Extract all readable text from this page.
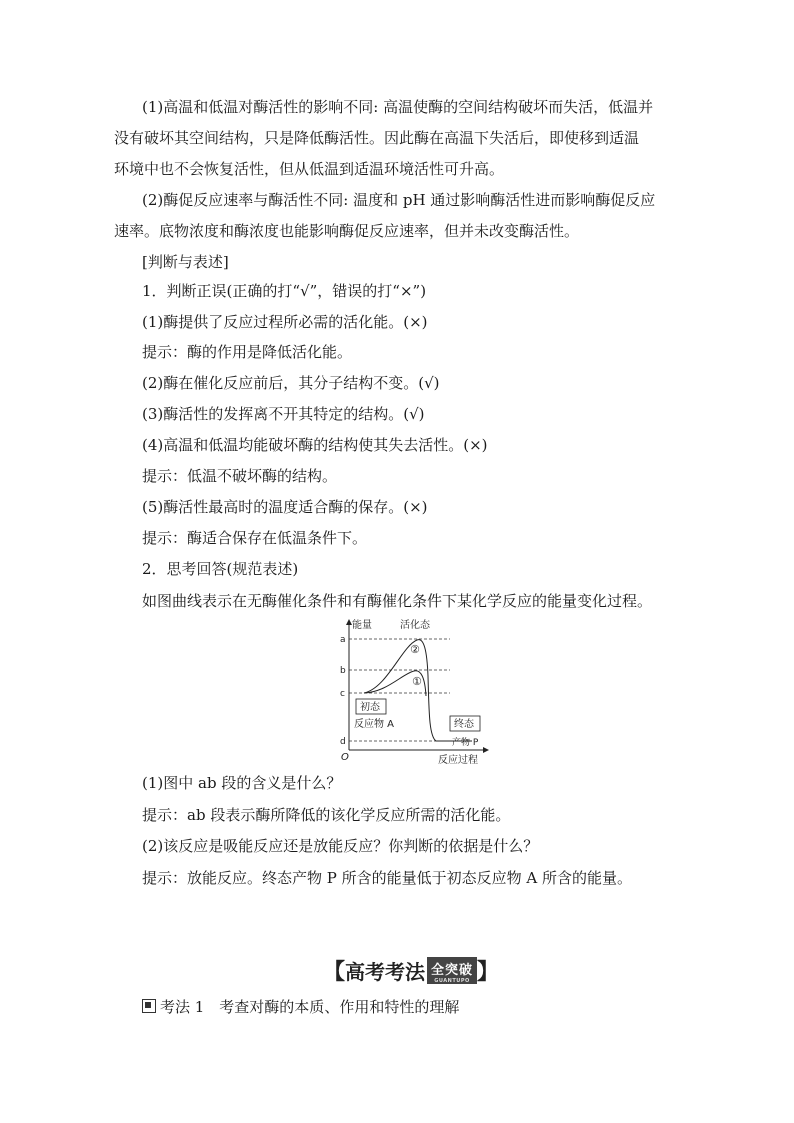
(1)高温和低温对酶活性的影响不同: 高温使酶的空间结构破坏而失活，低温并
没有破坏其空间结构，只是降低酶活性。因此酶在高温下失活后，即使移到适温
环境中也不会恢复活性，但从低温到适温环境活性可升高。
(2)酶促反应速率与酶活性不同: 温度和 pH 通过影响酶活性进而影响酶促反应
速率。底物浓度和酶浓度也能影响酶促反应速率，但并未改变酶活性。
[判断与表述]
1．判断正误(正确的打“√”，错误的打“×”)
(1)酶提供了反应过程所必需的活化能。(×)
提示：酶的作用是降低活化能。
(2)酶在催化反应前后，其分子结构不变。(√)
(3)酶活性的发挥离不开其特定的结构。(√)
(4)高温和低温均能破坏酶的结构使其失去活性。(×)
提示：低温不破坏酶的结构。
(5)酶活性最高时的温度适合酶的保存。(×)
提示：酶适合保存在低温条件下。
2．思考回答(规范表述)
如图曲线表示在无酶催化条件和有酶催化条件下某化学反应的能量变化过程。
能量	活化态
a
b
c
d
O
②
①
初态
反应物 A	终态
产物 P
反应过程
(1)图中 ab 段的含义是什么？
提示：ab 段表示酶所降低的该化学反应所需的活化能。
(2)该反应是吸能反应还是放能反应？你判断的依据是什么？
提示：放能反应。终态产物 P 所含的能量低于初态反应物 A 所含的能量。
【 高考考法 全突破
GUANTUPO 】
考法 1　考查对酶的本质、作用和特性的理解
